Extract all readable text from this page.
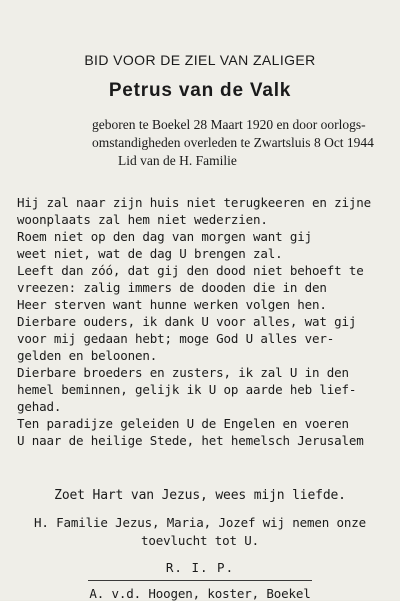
BID VOOR DE ZIEL VAN ZALIGER
Petrus van de Valk
geboren te Boekel 28 Maart 1920 en door oorlogs-
omstandigheden overleden te Zwartsluis 8 Oct 1944
Lid van de H. Familie
Hij zal naar zijn huis niet terugkeeren en zijne
woonplaats zal hem niet wederzien.
Roem niet op den dag van morgen want gij
weet niet, wat de dag U brengen zal.
Leeft dan zóó, dat gij den dood niet behoeft te
vreezen: zalig immers de dooden die in den
Heer sterven want hunne werken volgen hen.
Dierbare ouders, ik dank U voor alles, wat gij
voor mij gedaan hebt; moge God U alles ver-
gelden en beloonen.
Dierbare broeders en zusters, ik zal U in den
hemel beminnen, gelijk ik U op aarde heb lief-
gehad.
Ten paradijze geleiden U de Engelen en voeren
U naar de heilige Stede, het hemelsch Jerusalem
Zoet Hart van Jezus, wees mijn liefde.
H. Familie Jezus, Maria, Jozef wij nemen onze
toevlucht tot U.
R. I. P.
A. v.d. Hoogen, koster, Boekel
